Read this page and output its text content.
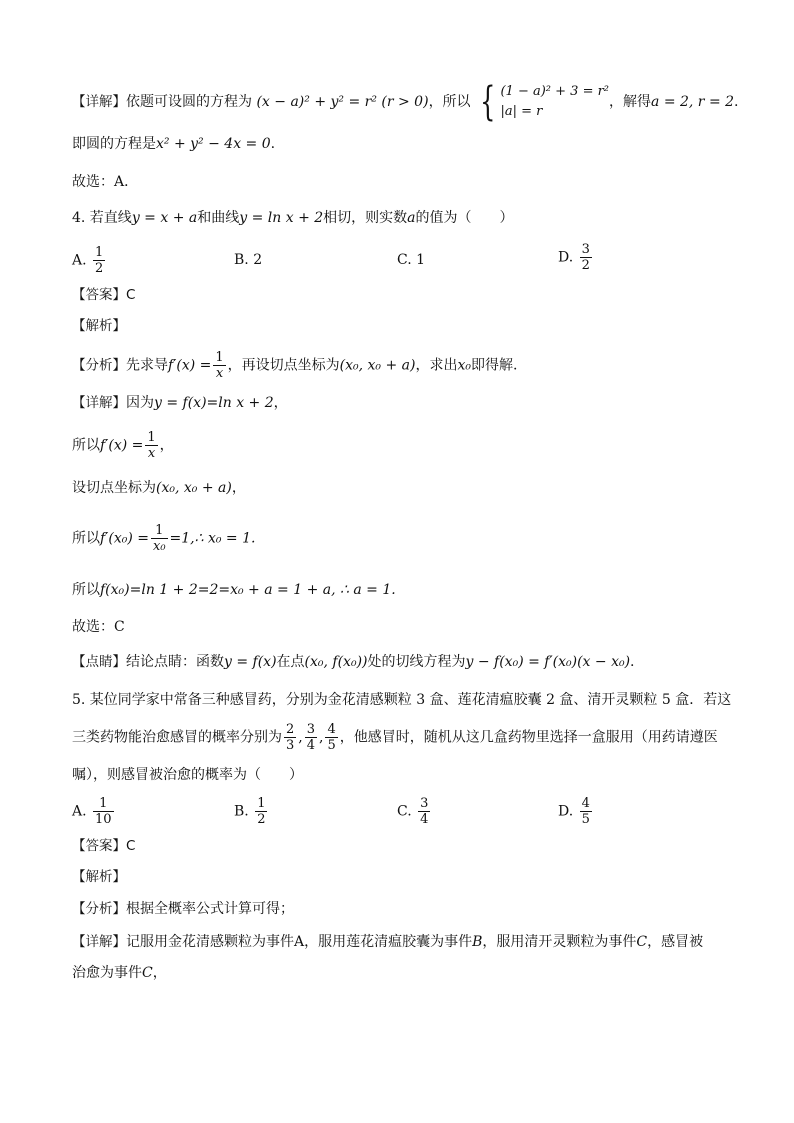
【详解】依题可设圆的方程为 (x − a)² + y² = r² (r > 0)，所以 { (1 − a)² + 3 = r²
|a| = r
，解得a = 2, r = 2.
即圆的方程是x² + y² − 4x = 0.
故选：A．
4. 若直线y = x + a和曲线y = ln x + 2相切，则实数a的值为（　　）
A. $\frac{1}{2}$	B. 2	C. 1	D. $\frac{3}{2}$
【答案】C
【解析】
【分析】先求导$f'(x) = \frac{1}{x}$ ，再设切点坐标为(x₀, x₀ + a)，求出x₀即得解.
【详解】因为y = f(x)=ln x + 2，
所以$f'(x) = \frac{1}{x}$ ，
设切点坐标为(x₀, x₀ + a)，
所以$f'(x_0) = \frac{1}{\text{x₀}}$ =1,∴ x₀ = 1.
所以f(x₀)=ln 1 + 2=2=x₀ + a = 1 + a, ∴ a = 1.
故选：C
【点睛】结论点睛：函数y = f(x)在点(x₀, f(x₀))处的切线方程为y − f(x₀) = f′(x₀)(x − x₀).
5. 某位同学家中常备三种感冒药，分别为金花清感颗粒 3 盒、莲花清瘟胶囊 2 盒、清开灵颗粒 5 盒．若这
三类药物能治愈感冒的概率分别为 $\frac{2}{3}$ , $\frac{3}{4}$ , $\frac{4}{5}$ ，他感冒时，随机从这几盒药物里选择一盒服用（用药请遵医
嘱），则感冒被治愈的概率为（　　）
A. $\frac{1}{10}$	B. $\frac{1}{2}$	C. $\frac{3}{4}$	D. $\frac{4}{5}$
【答案】C
【解析】
【分析】根据全概率公式计算可得；
【详解】记服用金花清感颗粒为事件A，服用莲花清瘟胶囊为事件B，服用清开灵颗粒为事件C，感冒被
治愈为事件C，
